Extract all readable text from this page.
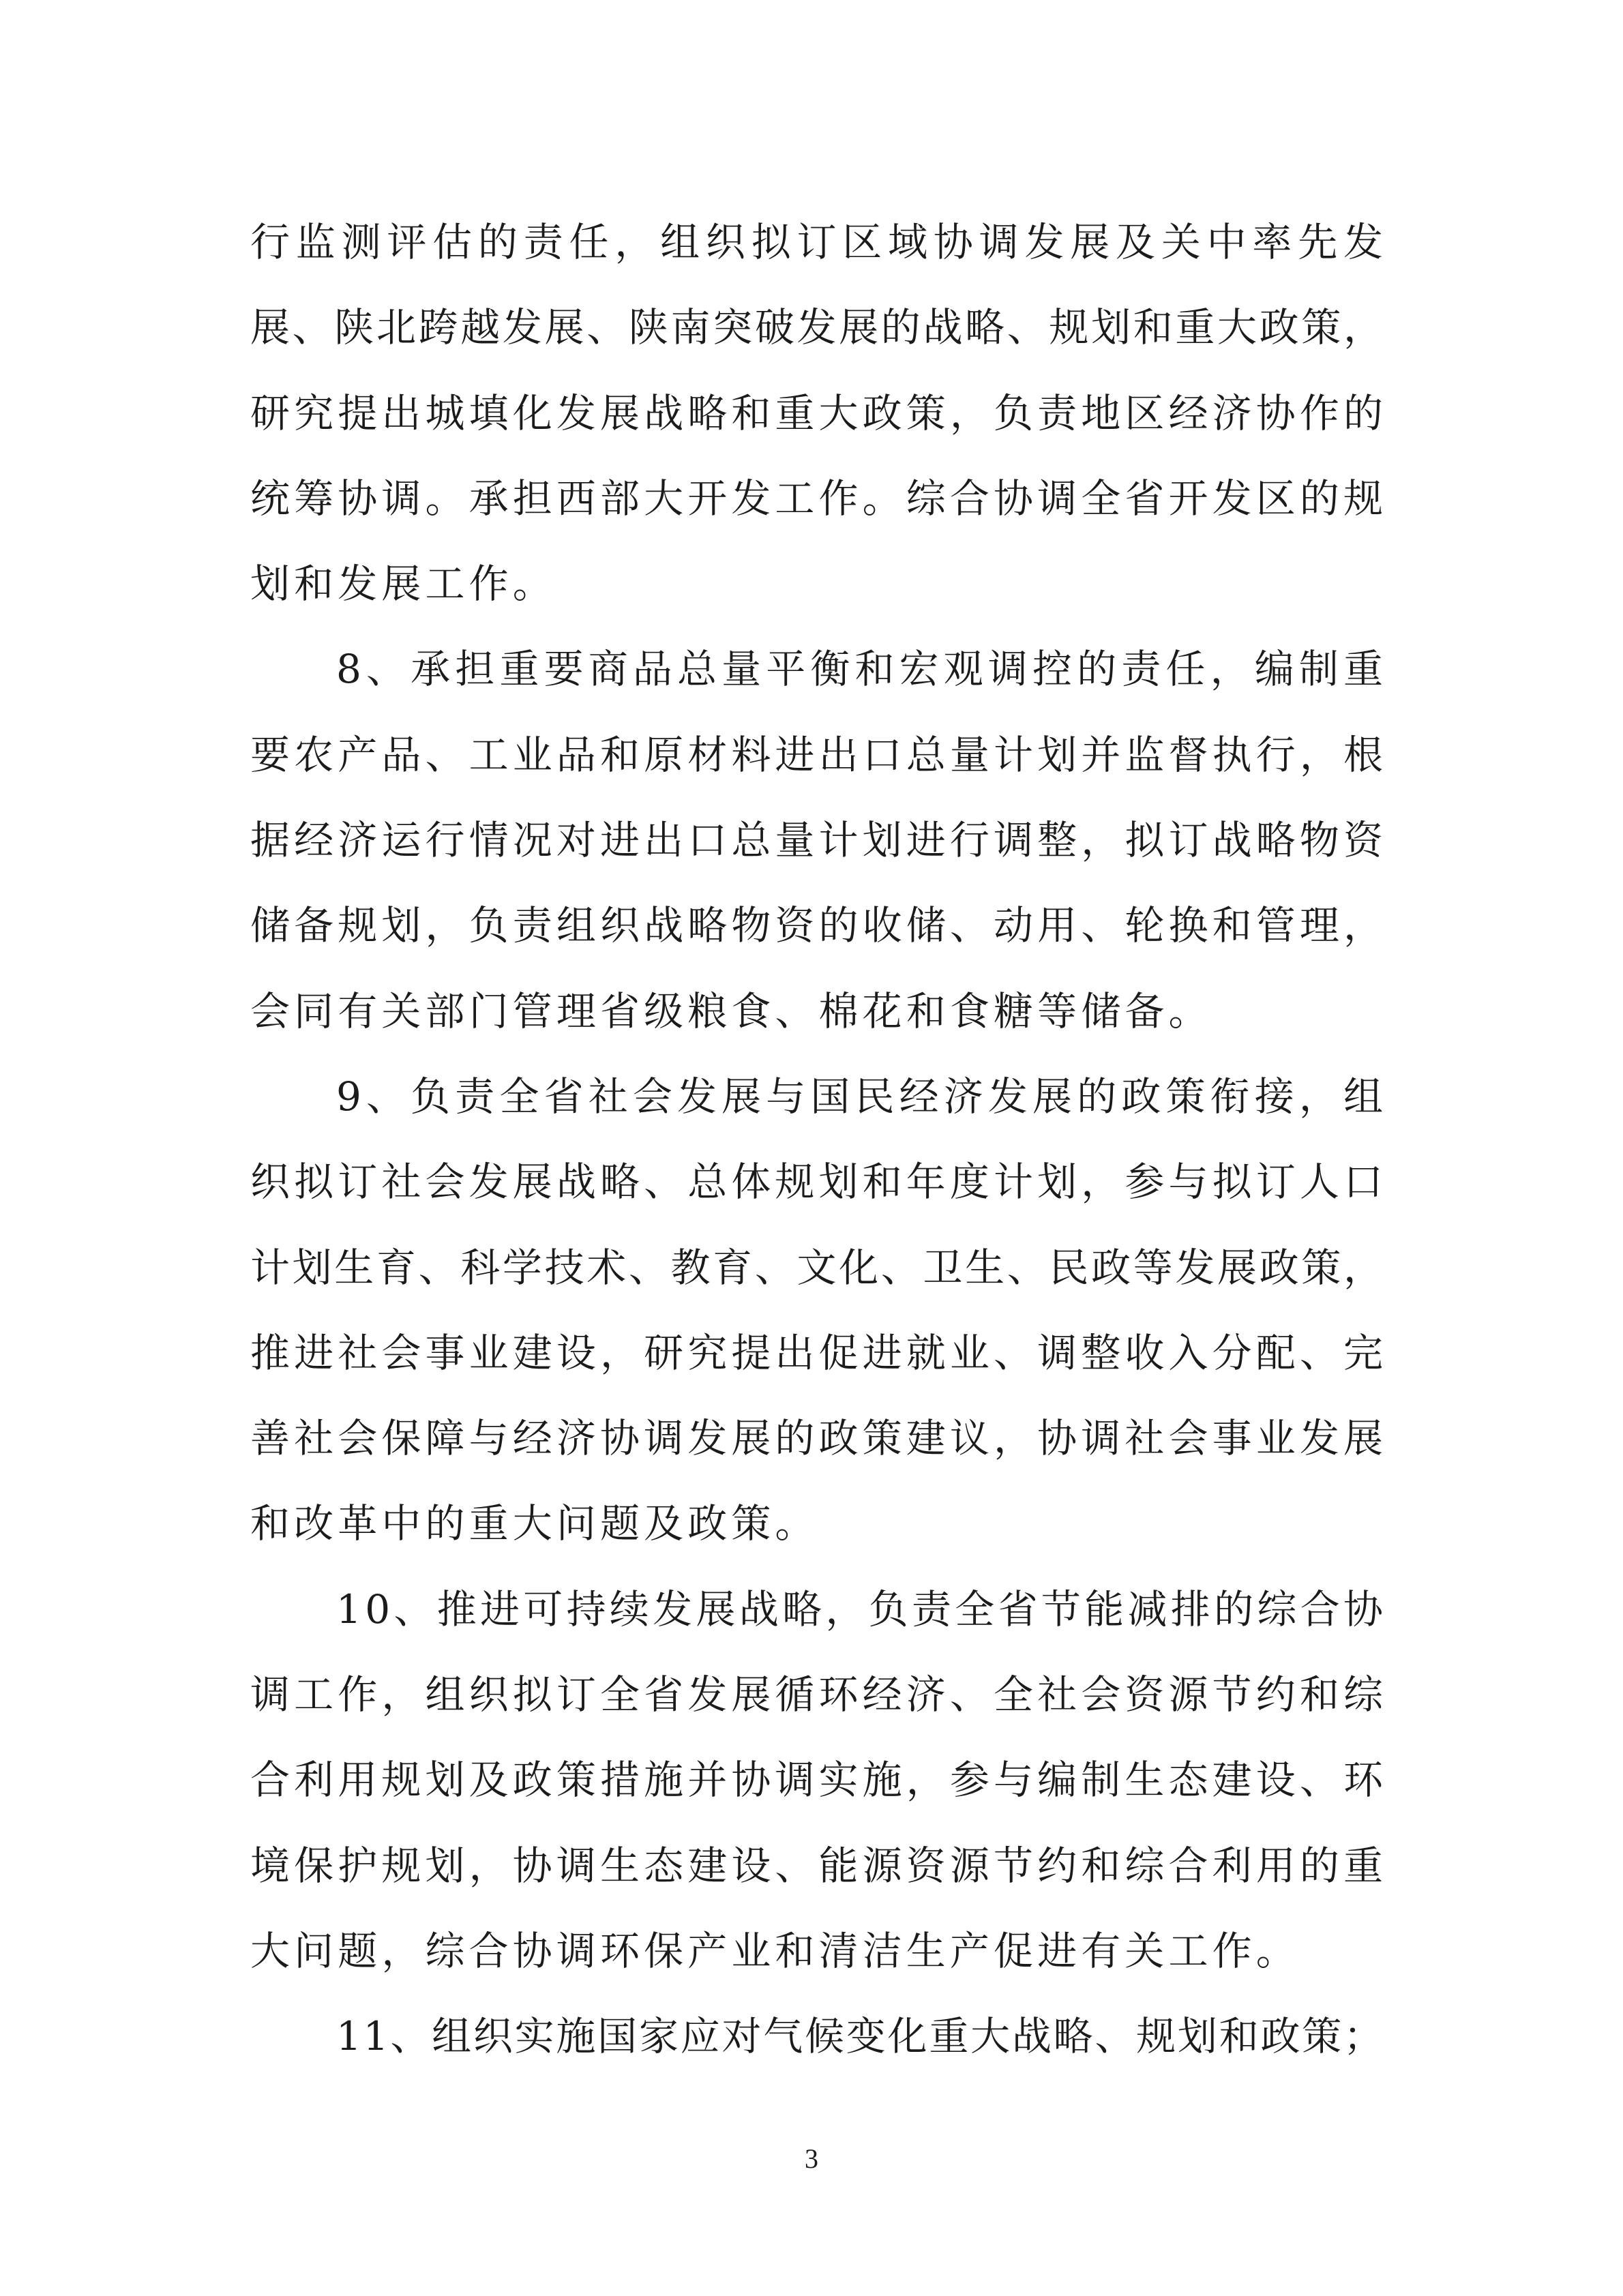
行监测评估的责任，组织拟订区域协调发展及关中率先发
展、陕北跨越发展、陕南突破发展的战略、规划和重大政策，
研究提出城填化发展战略和重大政策，负责地区经济协作的
统筹协调。承担西部大开发工作。综合协调全省开发区的规
划和发展工作。
8、承担重要商品总量平衡和宏观调控的责任，编制重
要农产品、工业品和原材料进出口总量计划并监督执行，根
据经济运行情况对进出口总量计划进行调整，拟订战略物资
储备规划，负责组织战略物资的收储、动用、轮换和管理，
会同有关部门管理省级粮食、棉花和食糖等储备。
9、负责全省社会发展与国民经济发展的政策衔接，组
织拟订社会发展战略、总体规划和年度计划，参与拟订人口
计划生育、科学技术、教育、文化、卫生、民政等发展政策，
推进社会事业建设，研究提出促进就业、调整收入分配、完
善社会保障与经济协调发展的政策建议，协调社会事业发展
和改革中的重大问题及政策。
10、推进可持续发展战略，负责全省节能减排的综合协
调工作，组织拟订全省发展循环经济、全社会资源节约和综
合利用规划及政策措施并协调实施，参与编制生态建设、环
境保护规划，协调生态建设、能源资源节约和综合利用的重
大问题，综合协调环保产业和清洁生产促进有关工作。
11、组织实施国家应对气候变化重大战略、规划和政策；
3
